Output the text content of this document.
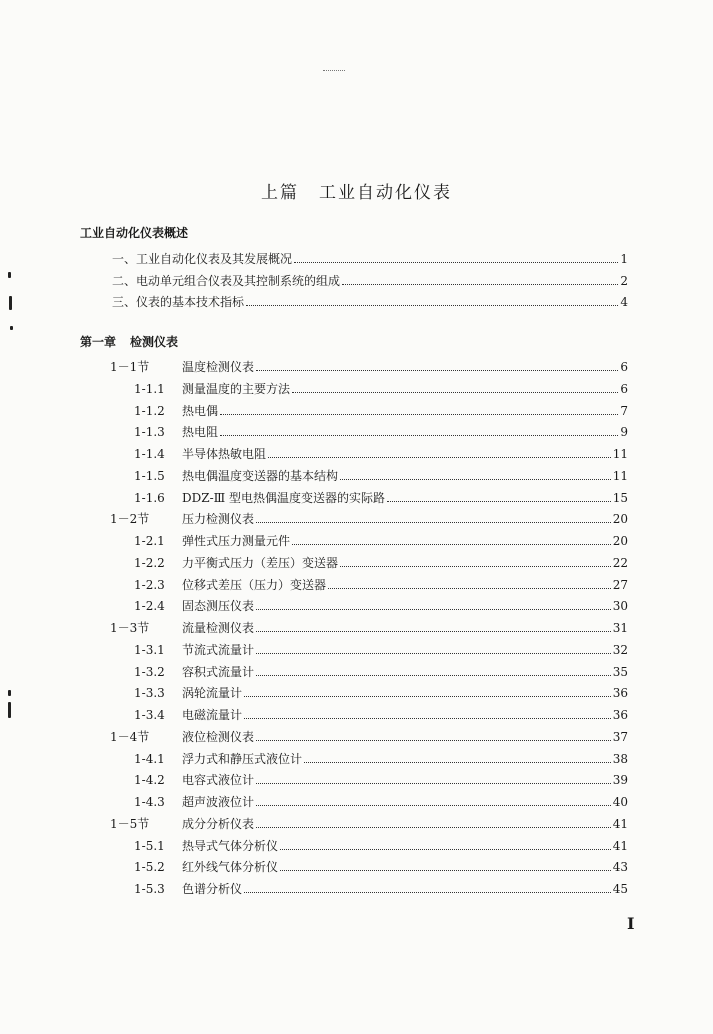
上篇 工业自动化仪表
工业自动化仪表概述
第一章 检测仪表
一、 工业自动化仪表及其发展概况	1
二、 电动单元组合仪表及其控制系统的组成	2
三、 仪表的基本技术指标	4
1－1节	温度检测仪表	6
1-1.1	测量温度的主要方法	6
1-1.2	热电偶	7
1-1.3	热电阻	9
1-1.4	半导体热敏电阻	11
1-1.5	热电偶温度变送器的基本结构	11
1-1.6	DDZ-Ⅲ 型电热偶温度变送器的实际路	15
1－2节	压力检测仪表	20
1-2.1	弹性式压力测量元件	20
1-2.2	力平衡式压力（差压）变送器	22
1-2.3	位移式差压（压力）变送器	27
1-2.4	固态测压仪表	30
1－3节	流量检测仪表	31
1-3.1	节流式流量计	32
1-3.2	容积式流量计	35
1-3.3	涡轮流量计	36
1-3.4	电磁流量计	36
1－4节	液位检测仪表	37
1-4.1	浮力式和静压式液位计	38
1-4.2	电容式液位计	39
1-4.3	超声波液位计	40
1－5节	成分分析仪表	41
1-5.1	热导式气体分析仪	41
1-5.2	红外线气体分析仪	43
1-5.3	色谱分析仪	45
I
